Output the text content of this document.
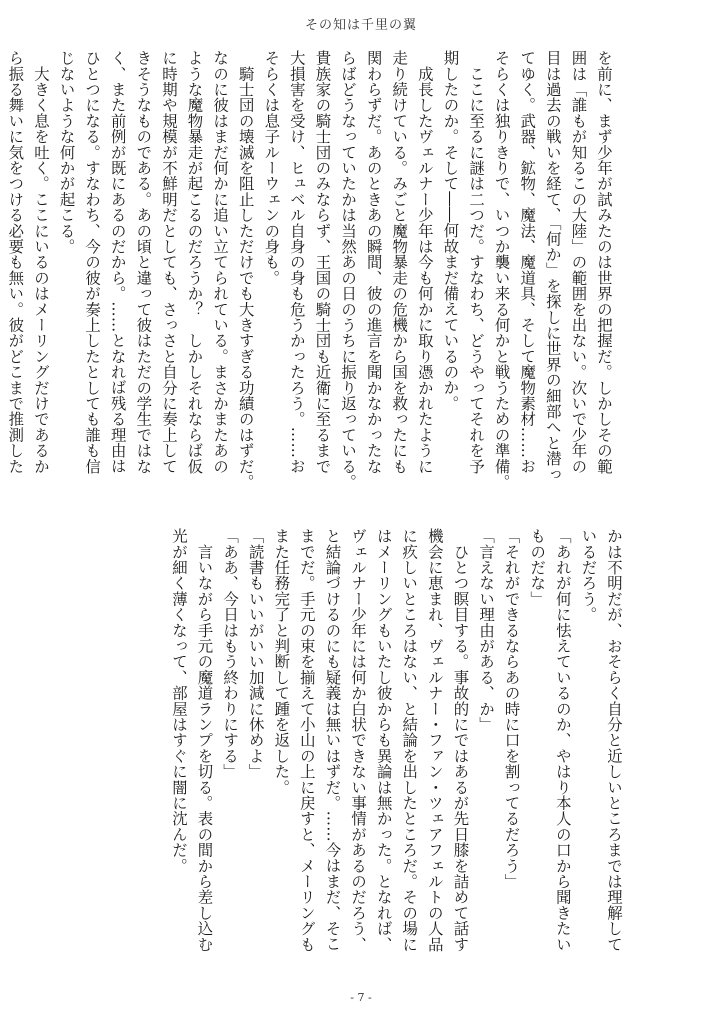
その知は千里の翼

を前に、まず少年が試みたのは世界の把握だ。しかしその範

囲は「誰もが知るこの大陸」の範囲を出ない。次いで少年の

目は過去の戦いを経て、「何か」を探しに世界の細部へと潜っ

てゆく。武器、鉱物、魔法、魔道具、そして魔物素材……お

そらくは独りきりで、いつか襲い来る何かと戦うための準備。

　ここに至るに謎は二つだ。すなわち、どうやってそれを予

期したのか。そして――何故まだ備えているのか。

　成長したヴェルナー少年は今も何かに取り憑かれたように

走り続けている。みごと魔物暴走の危機から国を救ったにも

関わらずだ。あのときあの瞬間、彼の進言を聞かなかったな

らばどうなっていたかは当然あの日のうちに振り返っている。

貴族家の騎士団のみならず、王国の騎士団も近衛に至るまで

大損害を受け、ヒュベル自身の身も危うかったろう。……お

そらくは息子ルーウェンの身も。

　騎士団の壊滅を阻止しただけでも大きすぎる功績のはずだ。

なのに彼はまだ何かに追い立てられている。まさかまたあの

ような魔物暴走が起こるのだろうか？　しかしそれならば仮

に時期や規模が不鮮明だとしても、さっさと自分に奏上して

きそうなものである。あの頃と違って彼はただの学生ではな

く、また前例が既にあるのだから。……となれば残る理由は

ひとつになる。すなわち、今の彼が奏上したとしても誰も信

じないような何かが起こる。

　大きく息を吐く。ここにいるのはメーリングだけであるか

ら振る舞いに気をつける必要も無い。彼がどこまで推測した

かは不明だが、おそらく自分と近しいところまでは理解して

いるだろう。

「あれが何に怯えているのか、やはり本人の口から聞きたい

ものだな」

「それができるならあの時に口を割ってるだろう」

「言えない理由がある、か」

　ひとつ瞑目する。事故的にではあるが先日膝を詰めて話す

機会に恵まれ、ヴェルナー・ファン・ツェアフェルトの人品

に疚しいところはない、と結論を出したところだ。その場に

はメーリングもいたし彼からも異論は無かった。となれば、

ヴェルナー少年には何か白状できない事情があるのだろう、

と結論づけるのにも疑義は無いはずだ。……今はまだ、そこ

までだ。手元の束を揃えて小山の上に戻すと、メーリングも

また任務完了と判断して踵を返した。

「読書もいいがいい加減に休めよ」

「ああ、今日はもう終わりにする」

　言いながら手元の魔道ランプを切る。表の間から差し込む

光が細く薄くなって、部屋はすぐに闇に沈んだ。

- 7 -
